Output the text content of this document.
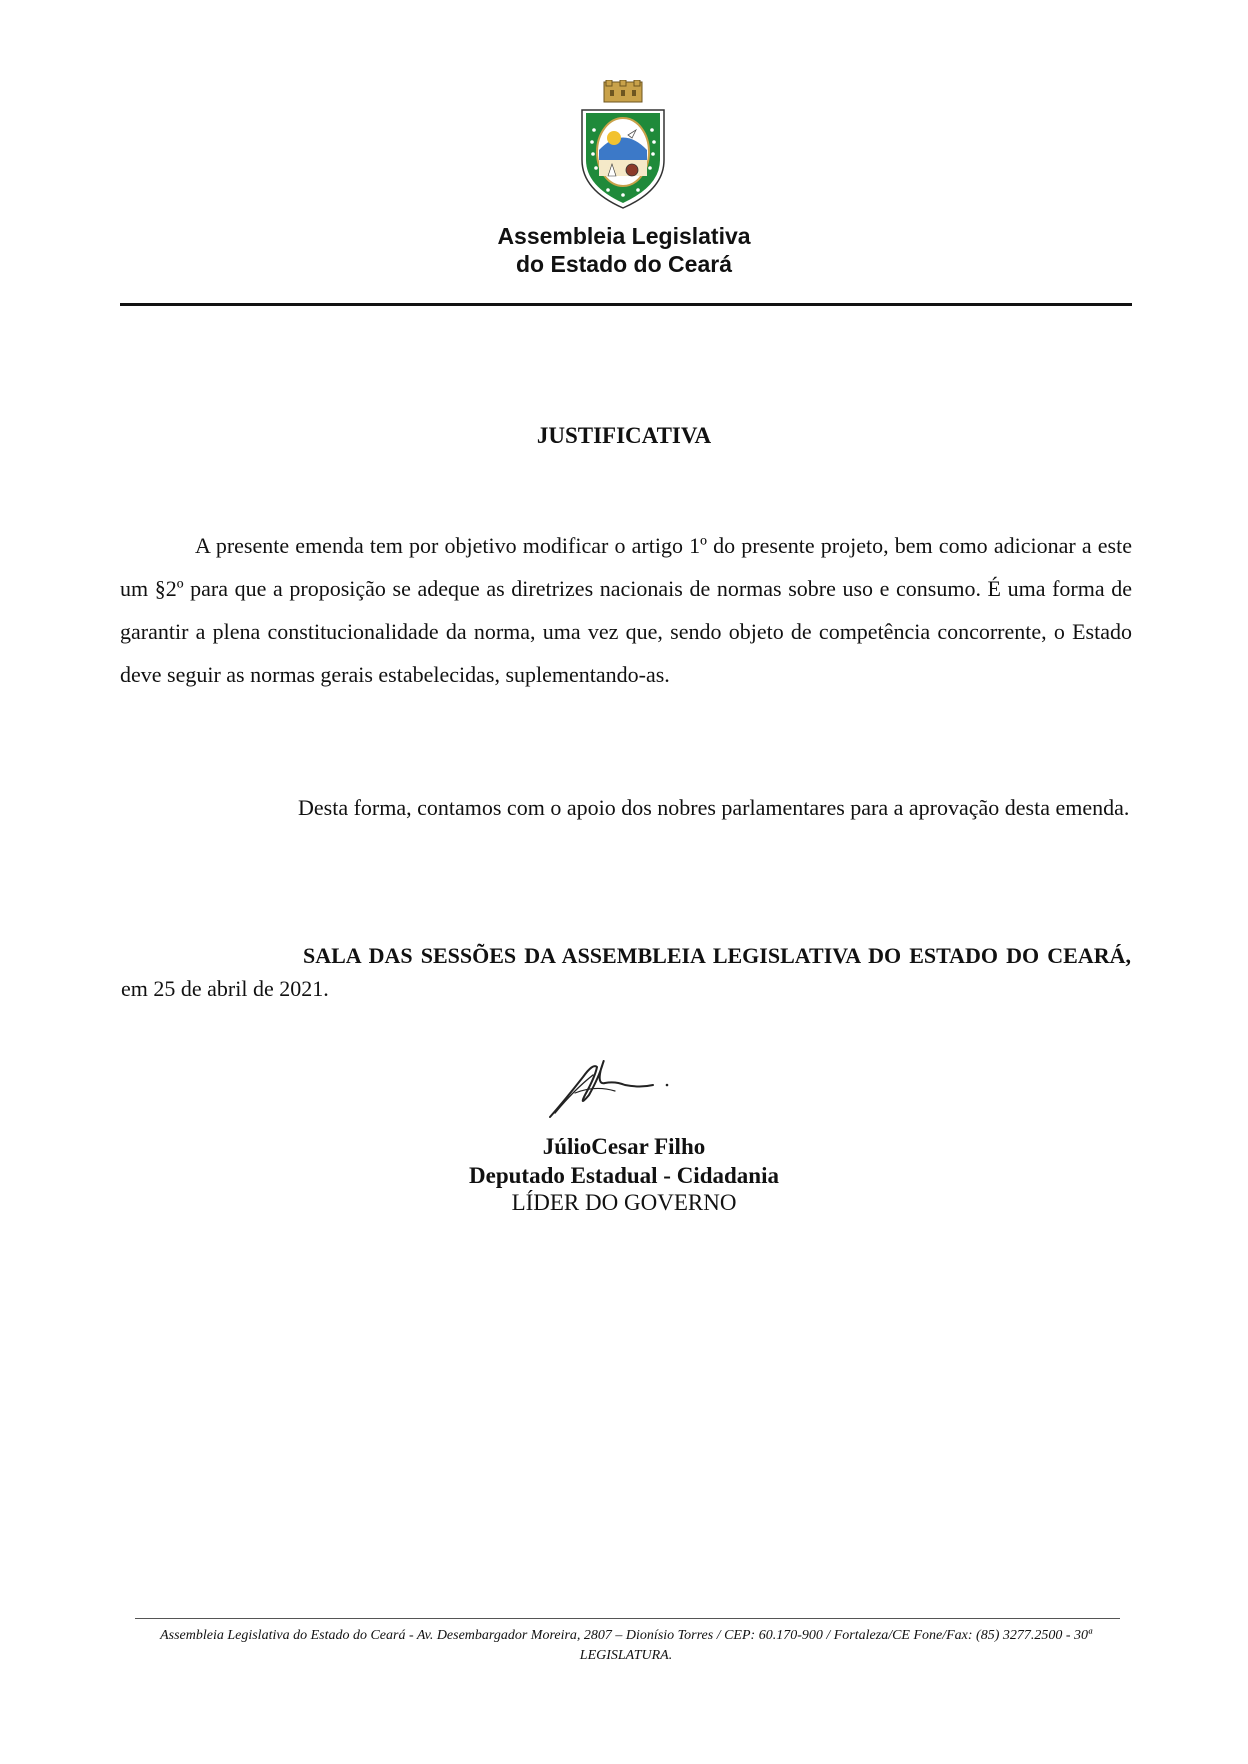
Assembleia Legislativa
do Estado do Ceará
JUSTIFICATIVA
A presente emenda tem por objetivo modificar o artigo 1º do presente projeto, bem como adicionar a este um §2º para que a proposição se adeque as diretrizes nacionais de normas sobre uso e consumo. É uma forma de garantir a plena constitucionalidade da norma, uma vez que, sendo objeto de competência concorrente, o Estado deve seguir as normas gerais estabelecidas, suplementando-as.
Desta forma, contamos com o apoio dos nobres parlamentares para a aprovação desta emenda.
SALA DAS SESSÕES DA ASSEMBLEIA LEGISLATIVA DO ESTADO DO CEARÁ, em 25 de abril de 2021.
JúlioCesar Filho
Deputado Estadual - Cidadania
LÍDER DO GOVERNO
Assembleia Legislativa do Estado do Ceará - Av. Desembargador Moreira, 2807 – Dionísio Torres / CEP: 60.170-900 / Fortaleza/CE Fone/Fax: (85) 3277.2500 - 30ª LEGISLATURA.
